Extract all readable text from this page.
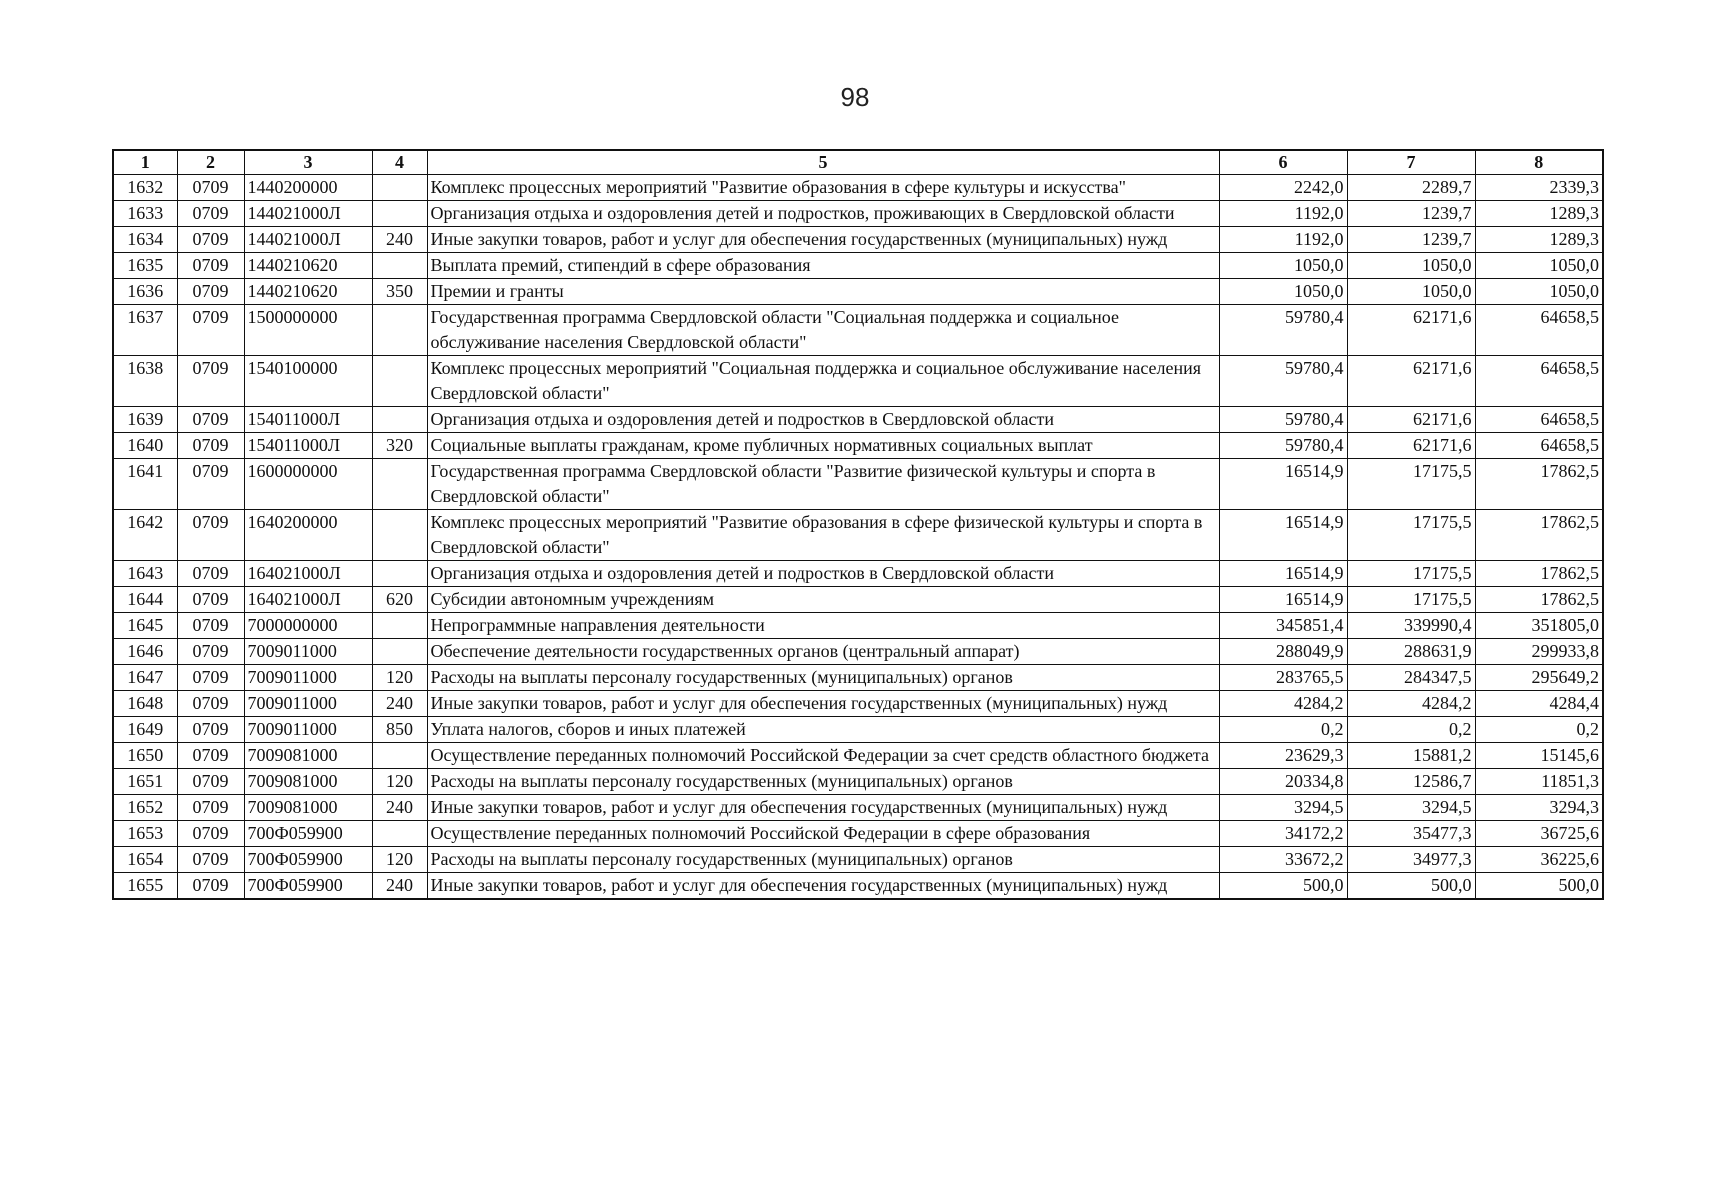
98
1	2	3	4	5	6	7	8
1632	0709	1440200000		Комплекс процессных мероприятий "Развитие образования в сфере культуры и искусства"	2242,0	2289,7	2339,3
1633	0709	144021000Л		Организация отдыха и оздоровления детей и подростков, проживающих в Свердловской области	1192,0	1239,7	1289,3
1634	0709	144021000Л	240	Иные закупки товаров, работ и услуг для обеспечения государственных (муниципальных) нужд	1192,0	1239,7	1289,3
1635	0709	1440210620		Выплата премий, стипендий в сфере образования	1050,0	1050,0	1050,0
1636	0709	1440210620	350	Премии и гранты	1050,0	1050,0	1050,0
1637	0709	1500000000		Государственная программа Свердловской области "Социальная поддержка и социальное обслуживание населения Свердловской области"	59780,4	62171,6	64658,5
1638	0709	1540100000		Комплекс процессных мероприятий "Социальная поддержка и социальное обслуживание населения Свердловской области"	59780,4	62171,6	64658,5
1639	0709	154011000Л		Организация отдыха и оздоровления детей и подростков в Свердловской области	59780,4	62171,6	64658,5
1640	0709	154011000Л	320	Социальные выплаты гражданам, кроме публичных нормативных социальных выплат	59780,4	62171,6	64658,5
1641	0709	1600000000		Государственная программа Свердловской области "Развитие физической культуры и спорта в Свердловской области"	16514,9	17175,5	17862,5
1642	0709	1640200000		Комплекс процессных мероприятий "Развитие образования в сфере физической культуры и спорта в Свердловской области"	16514,9	17175,5	17862,5
1643	0709	164021000Л		Организация отдыха и оздоровления детей и подростков в Свердловской области	16514,9	17175,5	17862,5
1644	0709	164021000Л	620	Субсидии автономным учреждениям	16514,9	17175,5	17862,5
1645	0709	7000000000		Непрограммные направления деятельности	345851,4	339990,4	351805,0
1646	0709	7009011000		Обеспечение деятельности государственных органов (центральный аппарат)	288049,9	288631,9	299933,8
1647	0709	7009011000	120	Расходы на выплаты персоналу государственных (муниципальных) органов	283765,5	284347,5	295649,2
1648	0709	7009011000	240	Иные закупки товаров, работ и услуг для обеспечения государственных (муниципальных) нужд	4284,2	4284,2	4284,4
1649	0709	7009011000	850	Уплата налогов, сборов и иных платежей	0,2	0,2	0,2
1650	0709	7009081000		Осуществление переданных полномочий Российской Федерации за счет средств областного бюджета	23629,3	15881,2	15145,6
1651	0709	7009081000	120	Расходы на выплаты персоналу государственных (муниципальных) органов	20334,8	12586,7	11851,3
1652	0709	7009081000	240	Иные закупки товаров, работ и услуг для обеспечения государственных (муниципальных) нужд	3294,5	3294,5	3294,3
1653	0709	700Ф059900		Осуществление переданных полномочий Российской Федерации в сфере образования	34172,2	35477,3	36725,6
1654	0709	700Ф059900	120	Расходы на выплаты персоналу государственных (муниципальных) органов	33672,2	34977,3	36225,6
1655	0709	700Ф059900	240	Иные закупки товаров, работ и услуг для обеспечения государственных (муниципальных) нужд	500,0	500,0	500,0
